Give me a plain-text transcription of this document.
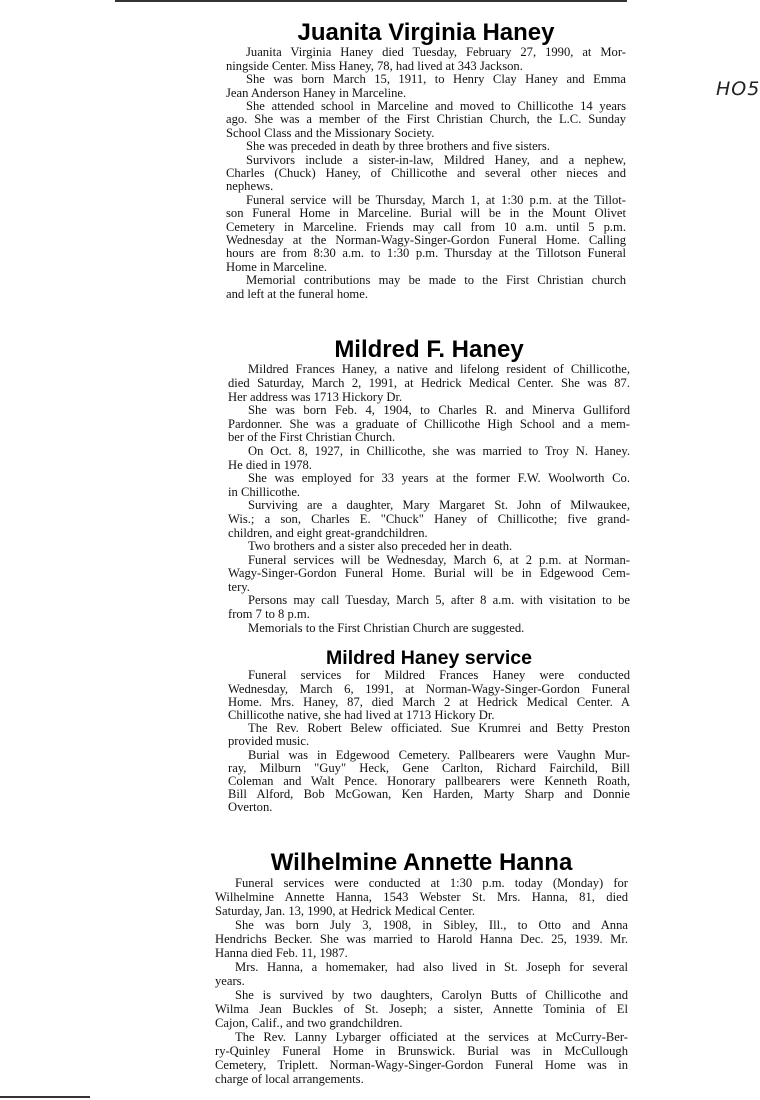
HO5
Juanita Virginia Haney
Juanita Virginia Haney died Tuesday, February 27, 1990, at Mor-
ningside Center. Miss Haney, 78, had lived at 343 Jackson.
She was born March 15, 1911, to Henry Clay Haney and Emma
Jean Anderson Haney in Marceline.
She attended school in Marceline and moved to Chillicothe 14 years
ago. She was a member of the First Christian Church, the L.C. Sunday
School Class and the Missionary Society.
She was preceded in death by three brothers and five sisters.
Survivors include a sister-in-law, Mildred Haney, and a nephew,
Charles (Chuck) Haney, of Chillicothe and several other nieces and
nephews.
Funeral service will be Thursday, March 1, at 1:30 p.m. at the Tillot-
son Funeral Home in Marceline. Burial will be in the Mount Olivet
Cemetery in Marceline. Friends may call from 10 a.m. until 5 p.m.
Wednesday at the Norman-Wagy-Singer-Gordon Funeral Home. Calling
hours are from 8:30 a.m. to 1:30 p.m. Thursday at the Tillotson Funeral
Home in Marceline.
Memorial contributions may be made to the First Christian church
and left at the funeral home.
Mildred F. Haney
Mildred Frances Haney, a native and lifelong resident of Chillicothe,
died Saturday, March 2, 1991, at Hedrick Medical Center. She was 87.
Her address was 1713 Hickory Dr.
She was born Feb. 4, 1904, to Charles R. and Minerva Gulliford
Pardonner. She was a graduate of Chillicothe High School and a mem-
ber of the First Christian Church.
On Oct. 8, 1927, in Chillicothe, she was married to Troy N. Haney.
He died in 1978.
She was employed for 33 years at the former F.W. Woolworth Co.
in Chillicothe.
Surviving are a daughter, Mary Margaret St. John of Milwaukee,
Wis.; a son, Charles E. "Chuck" Haney of Chillicothe; five grand-
children, and eight great-grandchildren.
Two brothers and a sister also preceded her in death.
Funeral services will be Wednesday, March 6, at 2 p.m. at Norman-
Wagy-Singer-Gordon Funeral Home. Burial will be in Edgewood Cem-
tery.
Persons may call Tuesday, March 5, after 8 a.m. with visitation to be
from 7 to 8 p.m.
Memorials to the First Christian Church are suggested.
Mildred Haney service
Funeral services for Mildred Frances Haney were conducted
Wednesday, March 6, 1991, at Norman-Wagy-Singer-Gordon Funeral
Home. Mrs. Haney, 87, died March 2 at Hedrick Medical Center. A
Chillicothe native, she had lived at 1713 Hickory Dr.
The Rev. Robert Belew officiated. Sue Krumrei and Betty Preston
provided music.
Burial was in Edgewood Cemetery. Pallbearers were Vaughn Mur-
ray, Milburn "Guy" Heck, Gene Carlton, Richard Fairchild, Bill
Coleman and Walt Pence. Honorary pallbearers were Kenneth Roath,
Bill Alford, Bob McGowan, Ken Harden, Marty Sharp and Donnie
Overton.
Wilhelmine Annette Hanna
Funeral services were conducted at 1:30 p.m. today (Monday) for
Wilhelmine Annette Hanna, 1543 Webster St. Mrs. Hanna, 81, died
Saturday, Jan. 13, 1990, at Hedrick Medical Center.
She was born July 3, 1908, in Sibley, Ill., to Otto and Anna
Hendrichs Becker. She was married to Harold Hanna Dec. 25, 1939. Mr.
Hanna died Feb. 11, 1987.
Mrs. Hanna, a homemaker, had also lived in St. Joseph for several
years.
She is survived by two daughters, Carolyn Butts of Chillicothe and
Wilma Jean Buckles of St. Joseph; a sister, Annette Tominia of El
Cajon, Calif., and two grandchildren.
The Rev. Lanny Lybarger officiated at the services at McCurry-Ber-
ry-Quinley Funeral Home in Brunswick. Burial was in McCullough
Cemetery, Triplett. Norman-Wagy-Singer-Gordon Funeral Home was in
charge of local arrangements.
